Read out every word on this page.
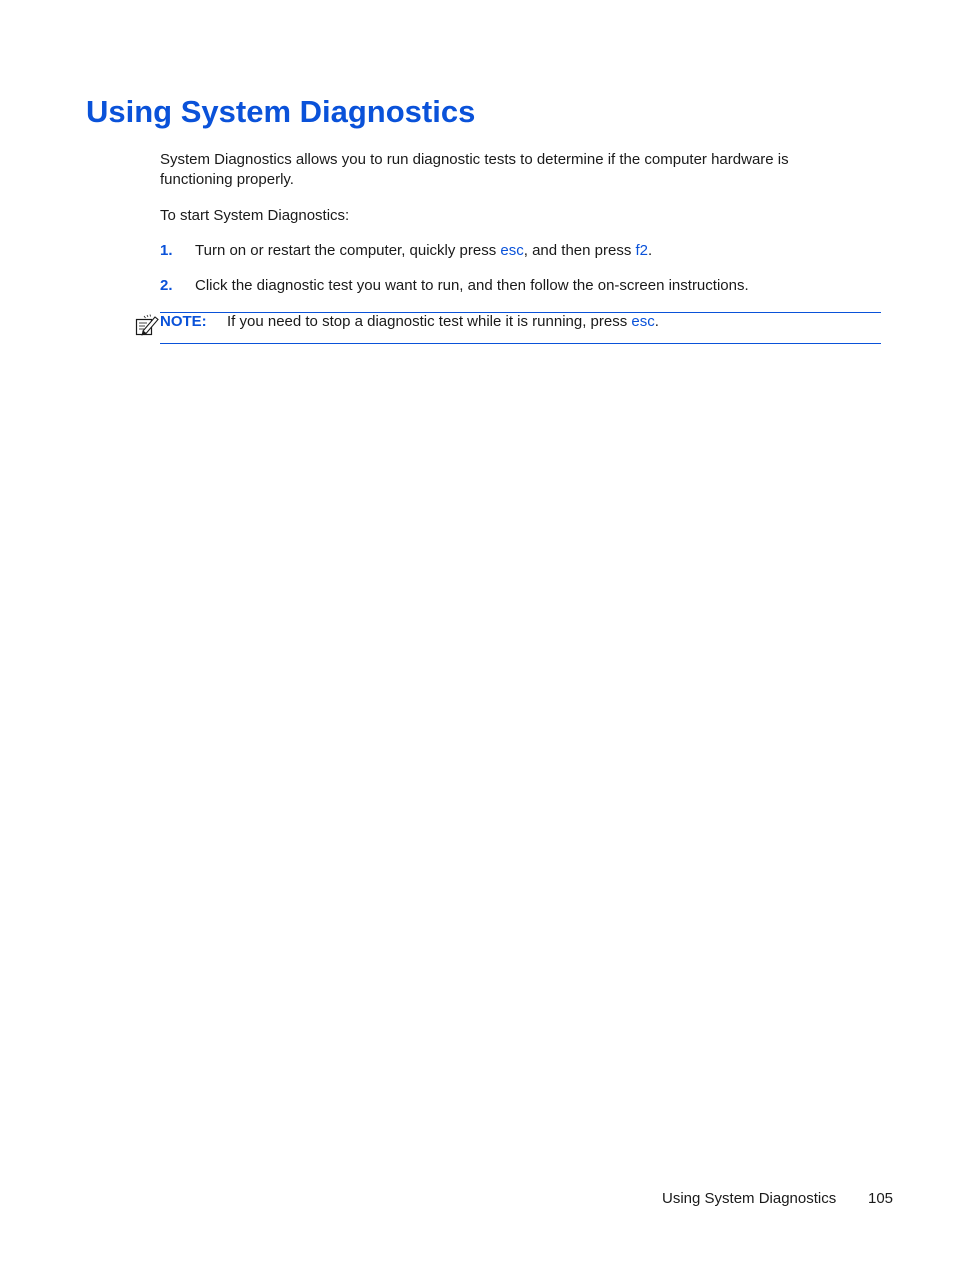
Using System Diagnostics

System Diagnostics allows you to run diagnostic tests to determine if the computer hardware is functioning properly.

To start System Diagnostics:

1. Turn on or restart the computer, quickly press esc, and then press f2.
2. Click the diagnostic test you want to run, and then follow the on-screen instructions.
NOTE: If you need to stop a diagnostic test while it is running, press esc.
Using System Diagnostics 105
